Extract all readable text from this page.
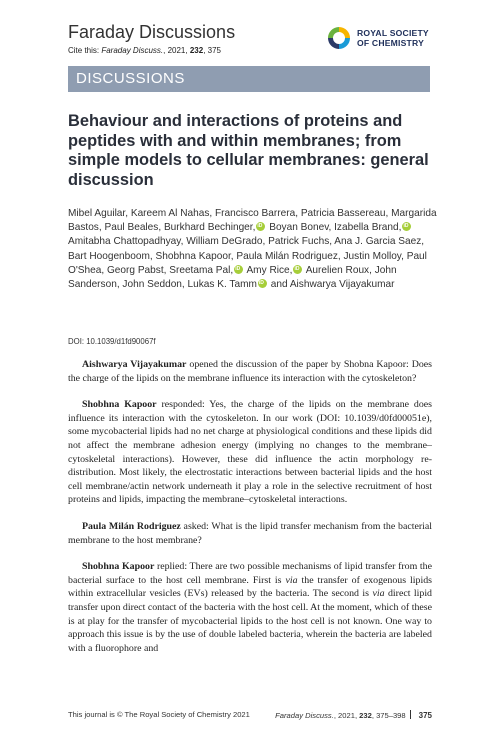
Faraday Discussions
Cite this: Faraday Discuss., 2021, 232, 375
ROYAL SOCIETY
OF CHEMISTRY
DISCUSSIONS
Behaviour and interactions of proteins and peptides with and within membranes; from simple models to cellular membranes: general discussion
Mibel Aguilar, Kareem Al Nahas, Francisco Barrera, Patricia Bassereau, Margarida Bastos, Paul Beales, Burkhard Bechinger,iD Boyan Bonev, Izabella Brand,iD Amitabha Chattopadhyay, William DeGrado, Patrick Fuchs, Ana J. Garcia Saez, Bart Hoogenboom, Shobhna Kapoor, Paula Milán Rodriguez, Justin Molloy, Paul O'Shea, Georg Pabst, Sreetama Pal,iD Amy Rice,iD Aurelien Roux, John Sanderson, John Seddon, Lukas K. TammiD and Aishwarya Vijayakumar
DOI: 10.1039/d1fd90067f

Aishwarya Vijayakumar opened the discussion of the paper by Shobna Kapoor: Does the charge of the lipids on the membrane influence its interaction with the cytoskeleton?

Shobhna Kapoor responded: Yes, the charge of the lipids on the membrane does influence its interaction with the cytoskeleton. In our work (DOI: 10.1039/d0fd00051e), some mycobacterial lipids had no net charge at physiological conditions and these lipids did not affect the membrane adhesion energy (implying no changes to the membrane–cytoskeletal interactions). However, these did influence the actin morphology re-distribution. Most likely, the electrostatic interactions between bacterial lipids and the host cell membrane/actin network underneath it play a role in the selective recruitment of host proteins and lipids, impacting the membrane–cytoskeletal interactions.

Paula Milán Rodriguez asked: What is the lipid transfer mechanism from the bacterial membrane to the host membrane?

Shobhna Kapoor replied: There are two possible mechanisms of lipid transfer from the bacterial surface to the host cell membrane. First is via the transfer of exogenous lipids within extracellular vesicles (EVs) released by the bacteria. The second is via direct lipid transfer upon direct contact of the bacteria with the host cell. At the moment, which of these is at play for the transfer of mycobacterial lipids to the host cell is not known. One way to approach this issue is by the use of double labeled bacteria, wherein the bacteria are labeled with a fluorophore and

This journal is © The Royal Society of Chemistry 2021	Faraday Discuss., 2021, 232, 375–398 375
